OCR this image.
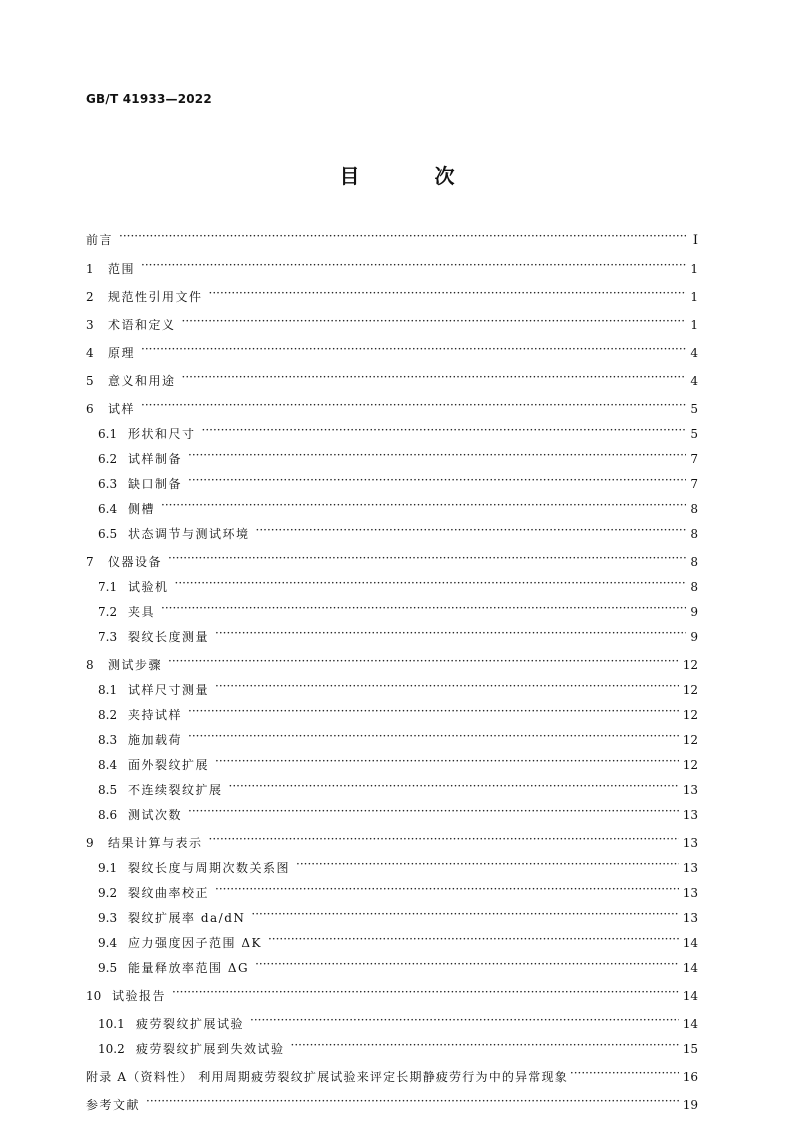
GB/T 41933—2022
目 次
前言 ·····	I
1	范围 ·····	1
2	规范性引用文件 ·····	1
3	术语和定义 ·····	1
4	原理 ·····	4
5	意义和用途 ·····	4
6	试样 ·····	5
6.1 形状和尺寸 ·····	5
6.2 试样制备 ·····	7
6.3 缺口制备 ·····	7
6.4 侧槽 ·····	8
6.5 状态调节与测试环境 ·····	8
7	仪器设备 ·····	8
7.1 试验机 ·····	8
7.2 夹具 ·····	9
7.3 裂纹长度测量 ·····	9
8	测试步骤 ·····	12
8.1 试样尺寸测量 ·····	12
8.2 夹持试样 ·····	12
8.3 施加载荷 ·····	12
8.4 面外裂纹扩展 ·····	12
8.5 不连续裂纹扩展 ·····	13
8.6 测试次数 ·····	13
9	结果计算与表示 ·····	13
9.1 裂纹长度与周期次数关系图 ·····	13
9.2 裂纹曲率校正 ·····	13
9.3 裂纹扩展率 da/dN ·····	13
9.4 应力强度因子范围 ΔK ·····	14
9.5 能量释放率范围 ΔG ·····	14
10 试验报告 ·····	14
10.1 疲劳裂纹扩展试验 ·····	14
10.2 疲劳裂纹扩展到失效试验 ·····	15
附录 A（资料性） 利用周期疲劳裂纹扩展试验来评定长期静疲劳行为中的异常现象 ·····	16
参考文献 ·····	19
